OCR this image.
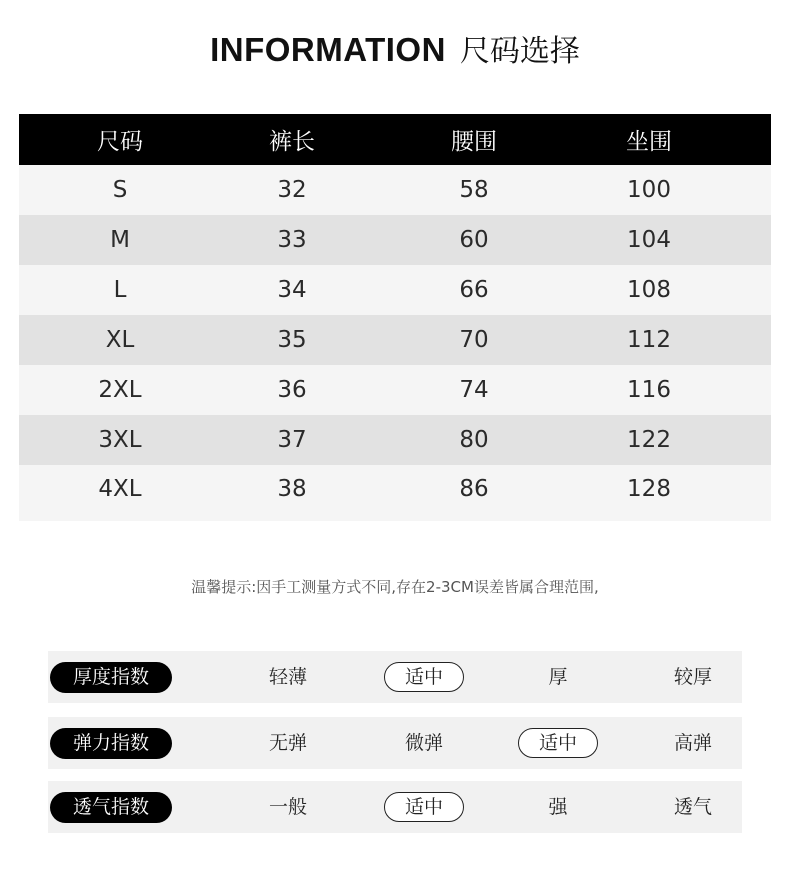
INFORMATION 尺码选择
尺码	裤长	腰围	坐围
S	32	58	100
M	33	60	104
L	34	66	108
XL	35	70	112
2XL	36	74	116
3XL	37	80	122
4XL	38	86	128
温馨提示:因手工测量方式不同,存在2-3CM误差皆属合理范围,
厚度指数	轻薄	适中	厚	较厚
弹力指数	无弹	微弹	适中	高弹
透气指数	一般	适中	强	透气
